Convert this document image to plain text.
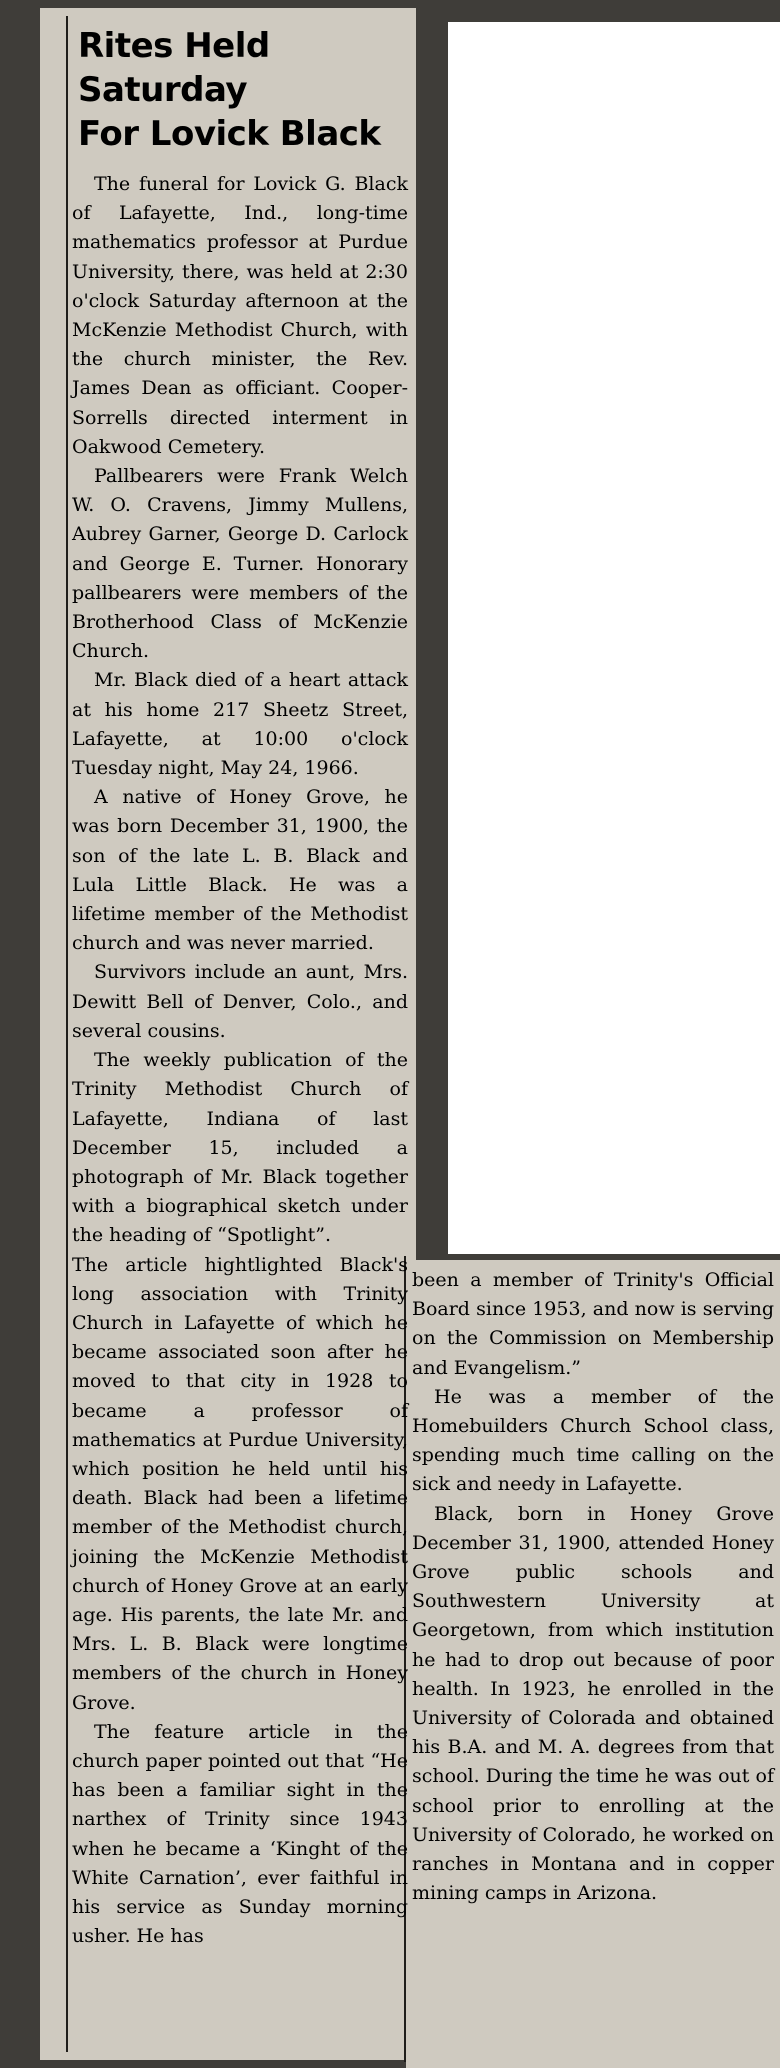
Rites Held Saturday
For Lovick Black

The funeral for Lovick G. Black of Lafayette, Ind., long-time mathematics professor at Purdue University, there, was held at 2:30 o'clock Saturday afternoon at the McKenzie Methodist Church, with the church minister, the Rev. James Dean as officiant. Cooper-Sorrells directed interment in Oakwood Cemetery.

Pallbearers were Frank Welch W. O. Cravens, Jimmy Mullens, Aubrey Garner, George D. Carlock and George E. Turner. Honorary pallbearers were members of the Brotherhood Class of McKenzie Church.

Mr. Black died of a heart attack at his home 217 Sheetz Street, Lafayette, at 10:00 o'clock Tuesday night, May 24, 1966.

A native of Honey Grove, he was born December 31, 1900, the son of the late L. B. Black and Lula Little Black. He was a lifetime member of the Methodist church and was never married.

Survivors include an aunt, Mrs. Dewitt Bell of Denver, Colo., and several cousins.

The weekly publication of the Trinity Methodist Church of Lafayette, Indiana of last December 15, included a photograph of Mr. Black together with a biographical sketch under the heading of “Spotlight”.

The article hightlighted Black's long association with Trinity Church in Lafayette of which he became associated soon after he moved to that city in 1928 to became a professor of mathematics at Purdue University, which position he held until his death. Black had been a lifetime member of the Methodist church, joining the McKenzie Methodist church of Honey Grove at an early age. His parents, the late Mr. and Mrs. L. B. Black were longtime members of the church in Honey Grove.

The feature article in the church paper pointed out that “He has been a familiar sight in the narthex of Trinity since 1943 when he became a ‘Kinght of the White Carnation’, ever faithful in his service as Sunday morning usher. He has

been a member of Trinity's Official Board since 1953, and now is serving on the Commission on Membership and Evangelism.”

He was a member of the Homebuilders Church School class, spending much time calling on the sick and needy in Lafayette.

Black, born in Honey Grove December 31, 1900, attended Honey Grove public schools and Southwestern University at Georgetown, from which institution he had to drop out because of poor health. In 1923, he enrolled in the University of Colorada and obtained his B.A. and M. A. degrees from that school. During the time he was out of school prior to enrolling at the University of Colorado, he worked on ranches in Montana and in copper mining camps in Arizona.
